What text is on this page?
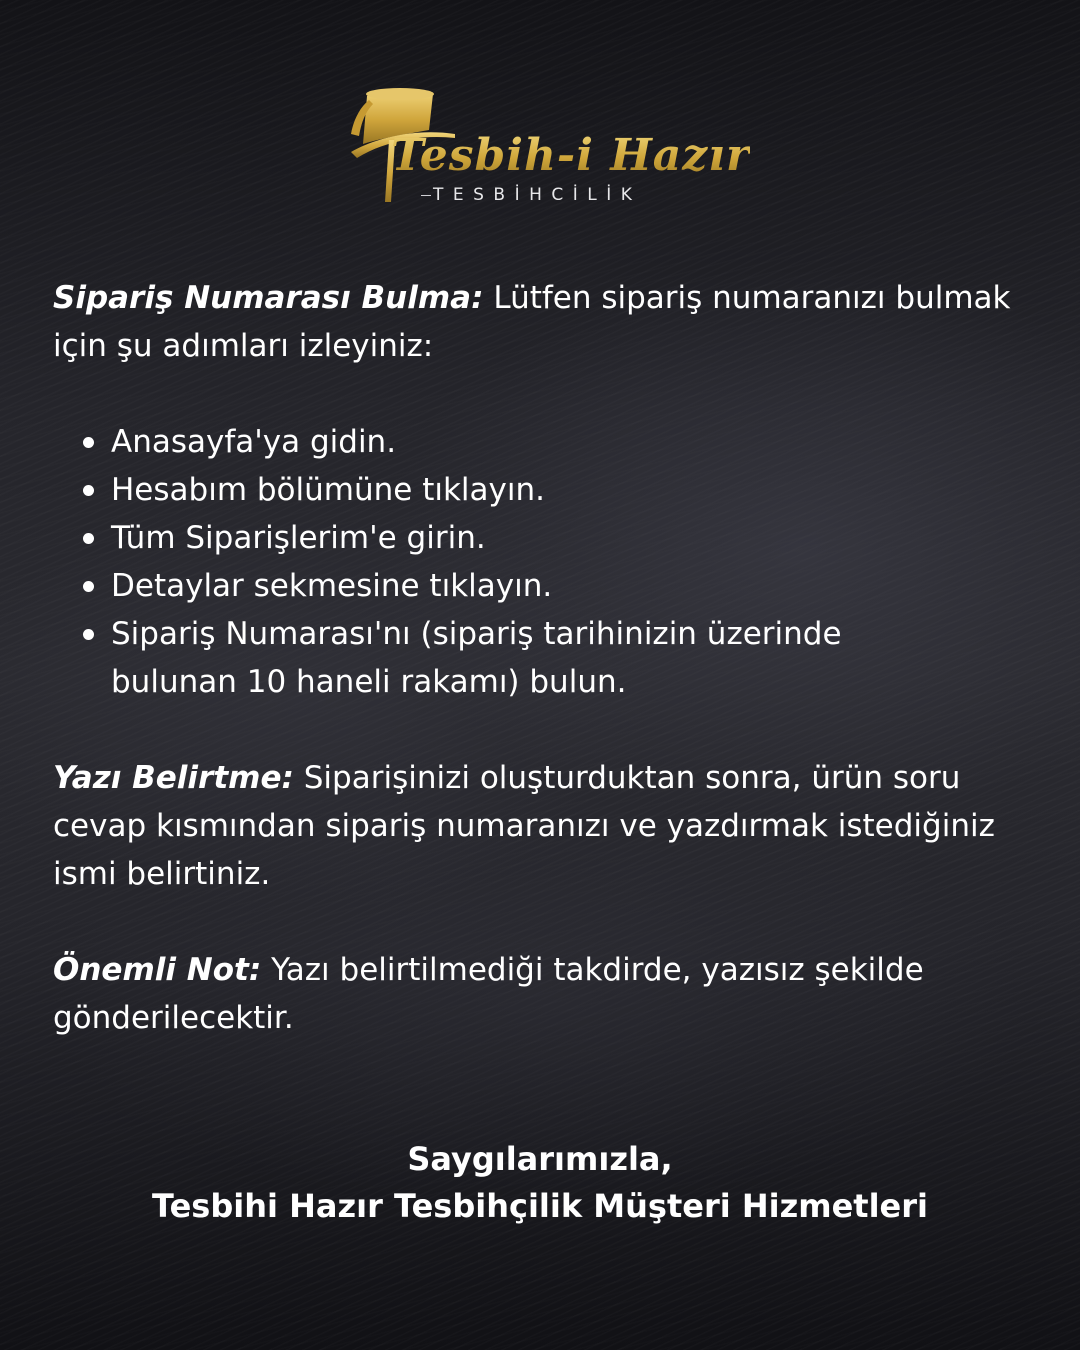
Tesbih-i Hazır
TESBİHCİLİK

Sipariş Numarası Bulma: Lütfen sipariş numaranızı bulmak için şu adımları izleyiniz:

Anasayfa'ya gidin.
Hesabım bölümüne tıklayın.
Tüm Siparişlerim'e girin.
Detaylar sekmesine tıklayın.
Sipariş Numarası'nı (sipariş tarihinizin üzerinde bulunan 10 haneli rakamı) bulun.

Yazı Belirtme: Siparişinizi oluşturduktan sonra, ürün soru cevap kısmından sipariş numaranızı ve yazdırmak istediğiniz ismi belirtiniz.

Önemli Not: Yazı belirtilmediği takdirde, yazısız şekilde gönderilecektir.

Saygılarımızla,
Tesbihi Hazır Tesbihçilik Müşteri Hizmetleri
